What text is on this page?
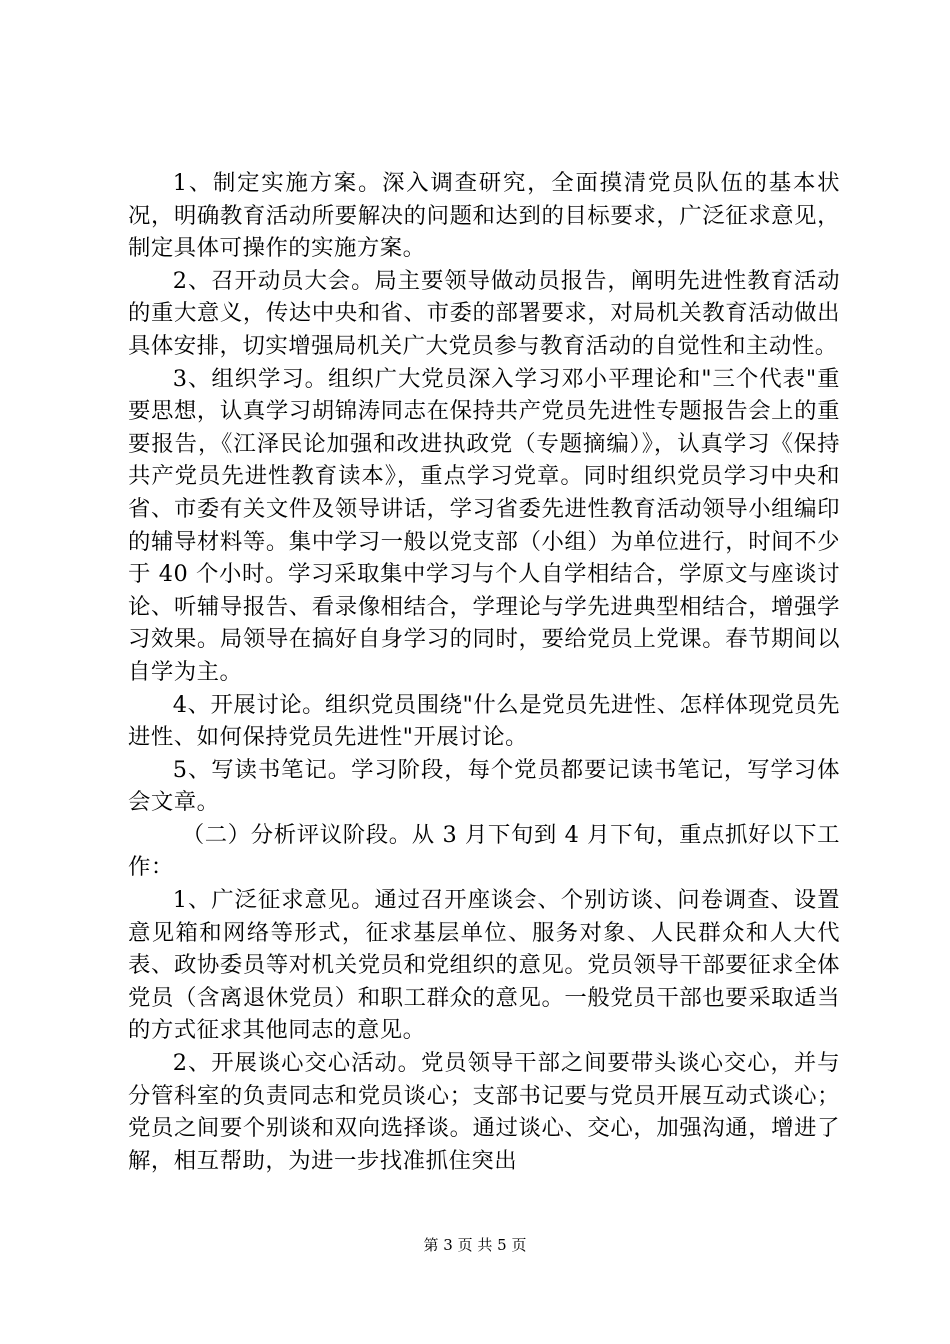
1、制定实施方案。深入调查研究，全面摸清党员队伍的基本状况，明确教育活动所要解决的问题和达到的目标要求，广泛征求意见，制定具体可操作的实施方案。

2、召开动员大会。局主要领导做动员报告，阐明先进性教育活动的重大意义，传达中央和省、市委的部署要求，对局机关教育活动做出具体安排，切实增强局机关广大党员参与教育活动的自觉性和主动性。

3、组织学习。组织广大党员深入学习邓小平理论和"三个代表"重要思想，认真学习胡锦涛同志在保持共产党员先进性专题报告会上的重要报告，《江泽民论加强和改进执政党（专题摘编）》，认真学习《保持共产党员先进性教育读本》，重点学习党章。同时组织党员学习中央和省、市委有关文件及领导讲话，学习省委先进性教育活动领导小组编印的辅导材料等。集中学习一般以党支部（小组）为单位进行，时间不少于 40 个小时。学习采取集中学习与个人自学相结合，学原文与座谈讨论、听辅导报告、看录像相结合，学理论与学先进典型相结合，增强学习效果。局领导在搞好自身学习的同时，要给党员上党课。春节期间以自学为主。

4、开展讨论。组织党员围绕"什么是党员先进性、怎样体现党员先进性、如何保持党员先进性"开展讨论。

5、写读书笔记。学习阶段，每个党员都要记读书笔记，写学习体会文章。

（二）分析评议阶段。从 3 月下旬到 4 月下旬，重点抓好以下工作：

1、广泛征求意见。通过召开座谈会、个别访谈、问卷调查、设置意见箱和网络等形式，征求基层单位、服务对象、人民群众和人大代表、政协委员等对机关党员和党组织的意见。党员领导干部要征求全体党员（含离退休党员）和职工群众的意见。一般党员干部也要采取适当的方式征求其他同志的意见。

2、开展谈心交心活动。党员领导干部之间要带头谈心交心，并与分管科室的负责同志和党员谈心；支部书记要与党员开展互动式谈心；党员之间要个别谈和双向选择谈。通过谈心、交心，加强沟通，增进了解，相互帮助，为进一步找准抓住突出

第 3 页 共 5 页
